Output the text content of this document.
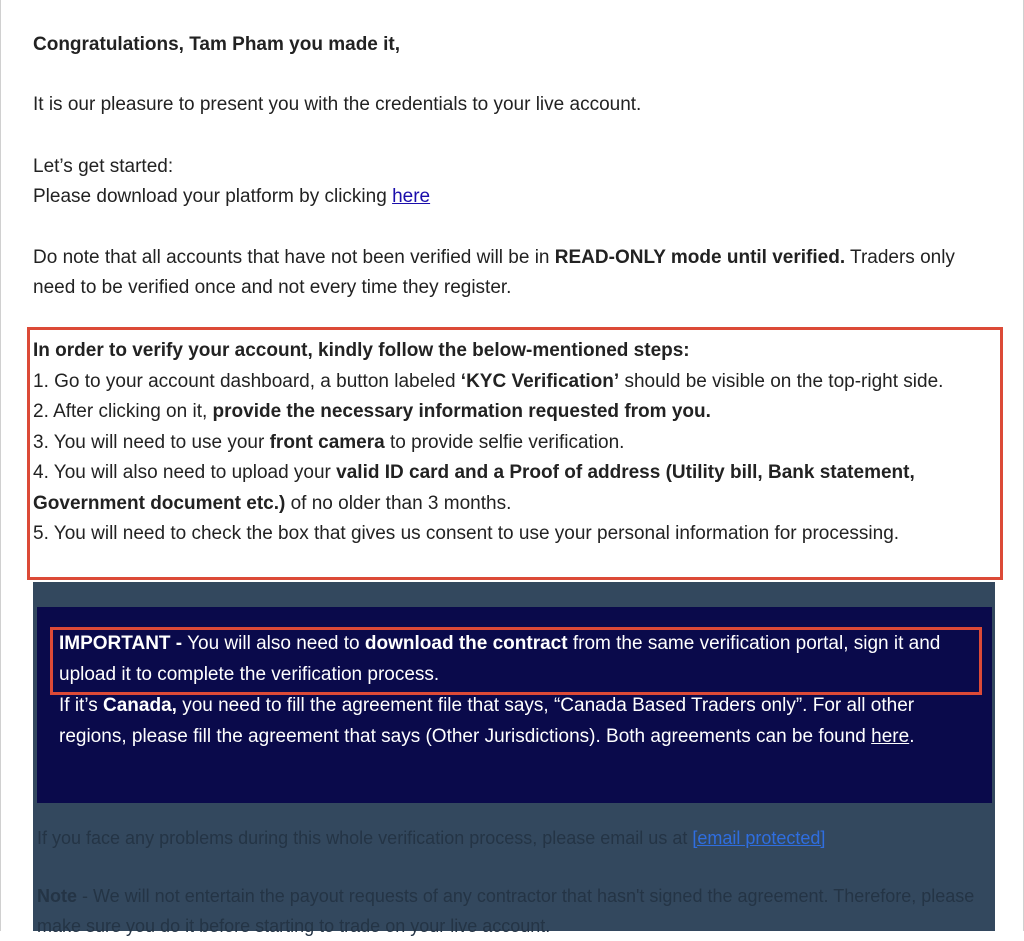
Congratulations, Tam Pham you made it,

It is our pleasure to present you with the credentials to your live account.

Let’s get started:

Please download your platform by clicking here

Do note that all accounts that have not been verified will be in READ-ONLY mode until verified. Traders only need to be verified once and not every time they register.

In order to verify your account, kindly follow the below-mentioned steps:
1. Go to your account dashboard, a button labeled ‘KYC Verification’ should be visible on the top-right side.
2. After clicking on it, provide the necessary information requested from you.
3. You will need to use your front camera to provide selfie verification.
4. You will also need to upload your valid ID card and a Proof of address (Utility bill, Bank statement, Government document etc.) of no older than 3 months.
5. You will need to check the box that gives us consent to use your personal information for processing.
If you face any problems during this whole verification process, please email us at [email protected]
Note - We will not entertain the payout requests of any contractor that hasn't signed the agreement. Therefore, please make sure you do it before starting to trade on your live account.
IMPORTANT - You will also need to download the contract from the same verification portal, sign it and upload it to complete the verification process.
If it’s Canada, you need to fill the agreement file that says, “Canada Based Traders only”. For all other regions, please fill the agreement that says (Other Jurisdictions). Both agreements can be found here.
